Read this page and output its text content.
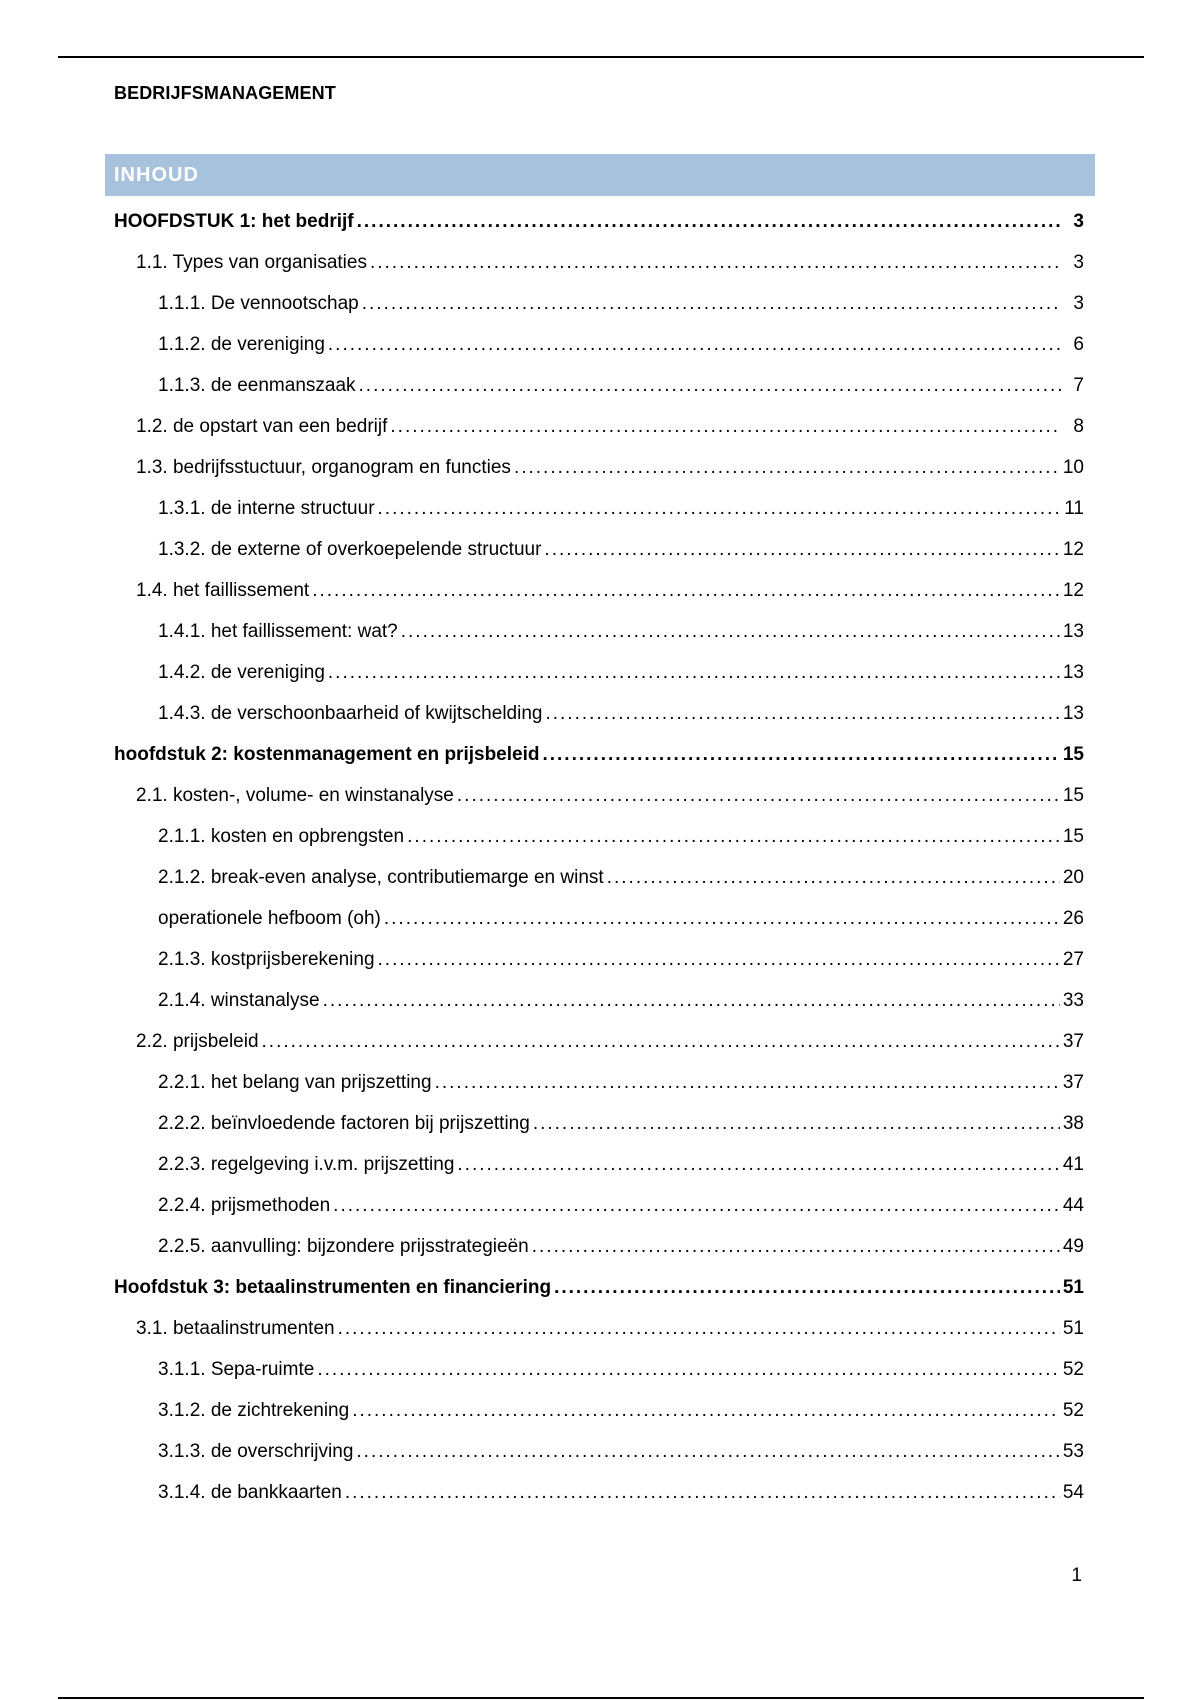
BEDRIJFSMANAGEMENT
INHOUD
HOOFDSTUK 1: het bedrijf .....	3
1.1. Types van organisaties .....	3
1.1.1. De vennootschap .....	3
1.1.2. de vereniging .....	6
1.1.3. de eenmanszaak .....	7
1.2. de opstart van een bedrijf .....	8
1.3. bedrijfsstuctuur, organogram en functies .....	10
1.3.1. de interne structuur .....	11
1.3.2. de externe of overkoepelende structuur .....	12
1.4. het faillissement .....	12
1.4.1. het faillissement: wat? .....	13
1.4.2. de vereniging .....	13
1.4.3. de verschoonbaarheid of kwijtschelding .....	13
hoofdstuk 2: kostenmanagement en prijsbeleid .....	15
2.1. kosten-, volume- en winstanalyse .....	15
2.1.1. kosten en opbrengsten .....	15
2.1.2. break-even analyse, contributiemarge en winst .....	20
operationele hefboom (oh) .....	26
2.1.3. kostprijsberekening .....	27
2.1.4. winstanalyse .....	33
2.2. prijsbeleid .....	37
2.2.1. het belang van prijszetting .....	37
2.2.2. beïnvloedende factoren bij prijszetting .....	38
2.2.3. regelgeving i.v.m. prijszetting .....	41
2.2.4. prijsmethoden .....	44
2.2.5. aanvulling: bijzondere prijsstrategieën .....	49
Hoofdstuk 3: betaalinstrumenten en financiering .....	51
3.1. betaalinstrumenten .....	51
3.1.1. Sepa-ruimte .....	52
3.1.2. de zichtrekening .....	52
3.1.3. de overschrijving .....	53
3.1.4. de bankkaarten .....	54
1
